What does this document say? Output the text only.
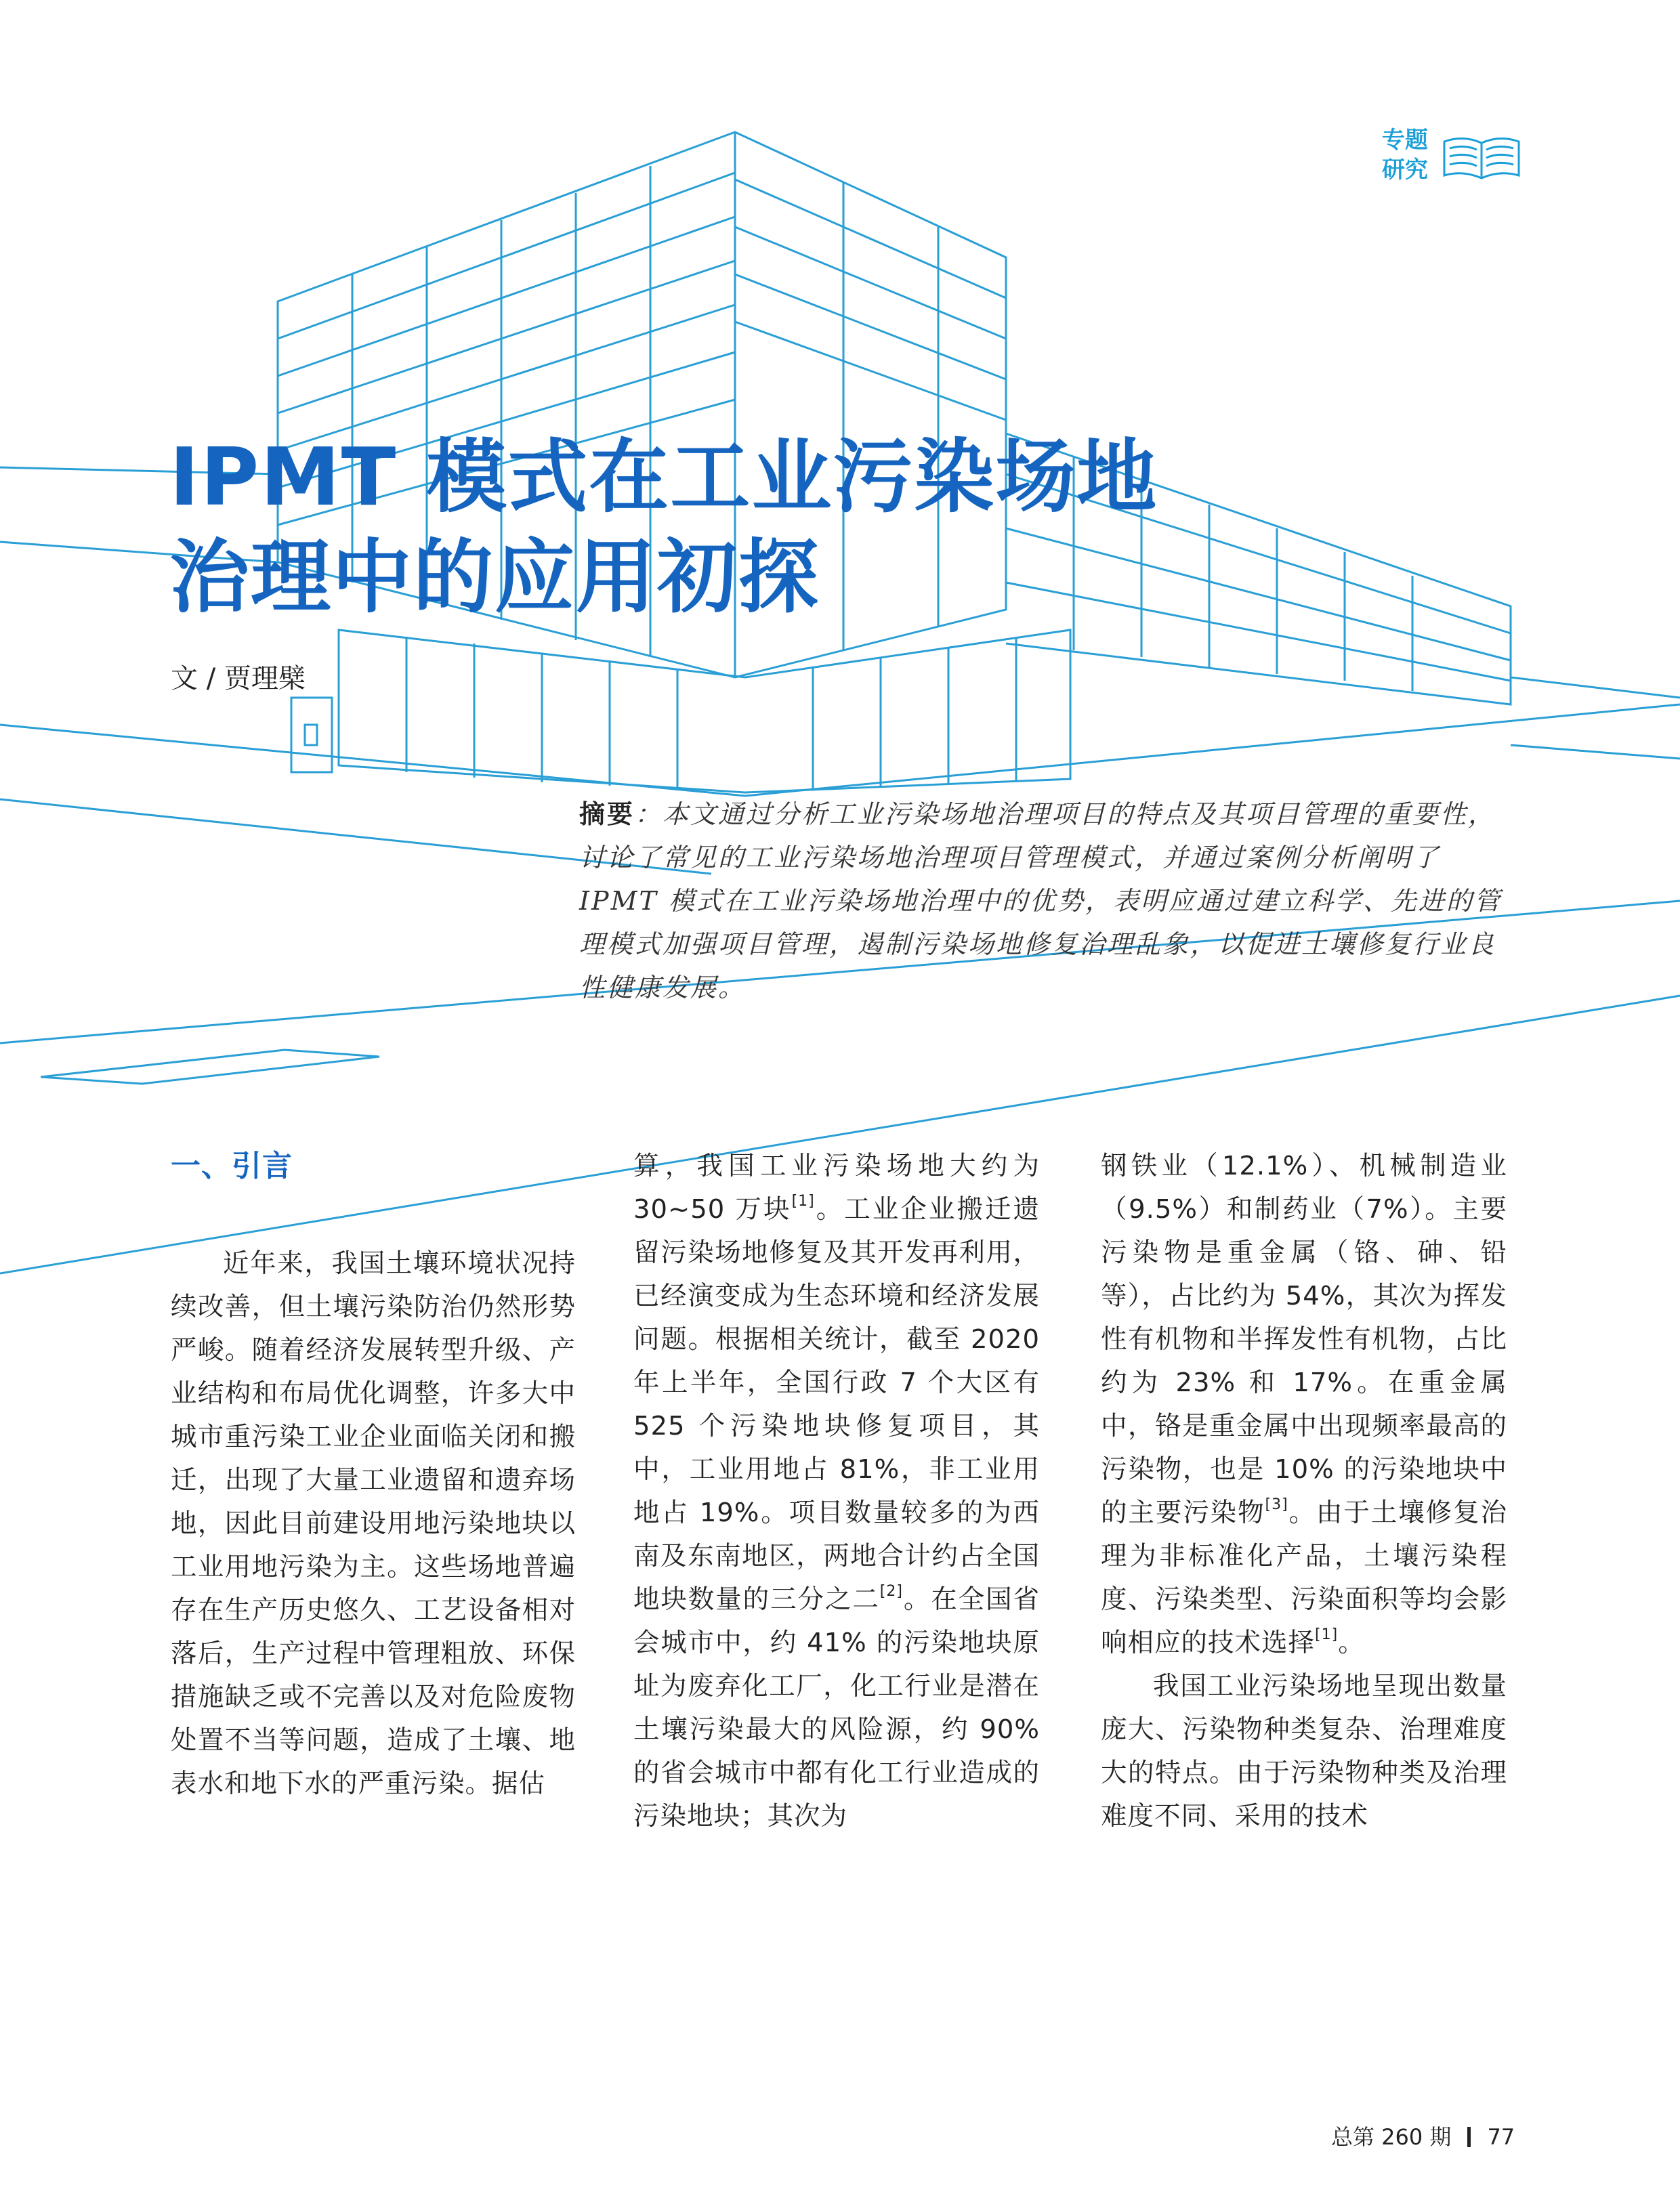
专题
研究
IPMT 模式在工业污染场地
治理中的应用初探
文 / 贾理檗
摘要：本文通过分析工业污染场地治理项目的特点及其项目管理的重要性，讨论了常见的工业污染场地治理项目管理模式，并通过案例分析阐明了 IPMT 模式在工业污染场地治理中的优势，表明应通过建立科学、先进的管理模式加强项目管理，遏制污染场地修复治理乱象，以促进土壤修复行业良性健康发展。
一、引言

近年来，我国土壤环境状况持续改善，但土壤污染防治仍然形势严峻。随着经济发展转型升级、产业结构和布局优化调整，许多大中城市重污染工业企业面临关闭和搬迁，出现了大量工业遗留和遗弃场地，因此目前建设用地污染地块以工业用地污染为主。这些场地普遍存在生产历史悠久、工艺设备相对落后，生产过程中管理粗放、环保措施缺乏或不完善以及对危险废物处置不当等问题，造成了土壤、地表水和地下水的严重污染。据估

算，我国工业污染场地大约为 30~50 万块[1]。工业企业搬迁遗留污染场地修复及其开发再利用，已经演变成为生态环境和经济发展问题。根据相关统计，截至 2020 年上半年，全国行政 7 个大区有 525 个污染地块修复项目，其中，工业用地占 81%，非工业用地占 19%。项目数量较多的为西南及东南地区，两地合计约占全国地块数量的三分之二[2]。在全国省会城市中，约 41% 的污染地块原址为废弃化工厂，化工行业是潜在土壤污染最大的风险源，约 90% 的省会城市中都有化工行业造成的污染地块；其次为

钢铁业（12.1%）、机械制造业（9.5%）和制药业（7%）。主要污染物是重金属（铬、砷、铅等），占比约为 54%，其次为挥发性有机物和半挥发性有机物，占比约为 23% 和 17%。在重金属中，铬是重金属中出现频率最高的污染物，也是 10% 的污染地块中的主要污染物[3]。由于土壤修复治理为非标准化产品，土壤污染程度、污染类型、污染面积等均会影响相应的技术选择[1]。

我国工业污染场地呈现出数量庞大、污染物种类复杂、治理难度大的特点。由于污染物种类及治理难度不同、采用的技术

总第 260 期 77
